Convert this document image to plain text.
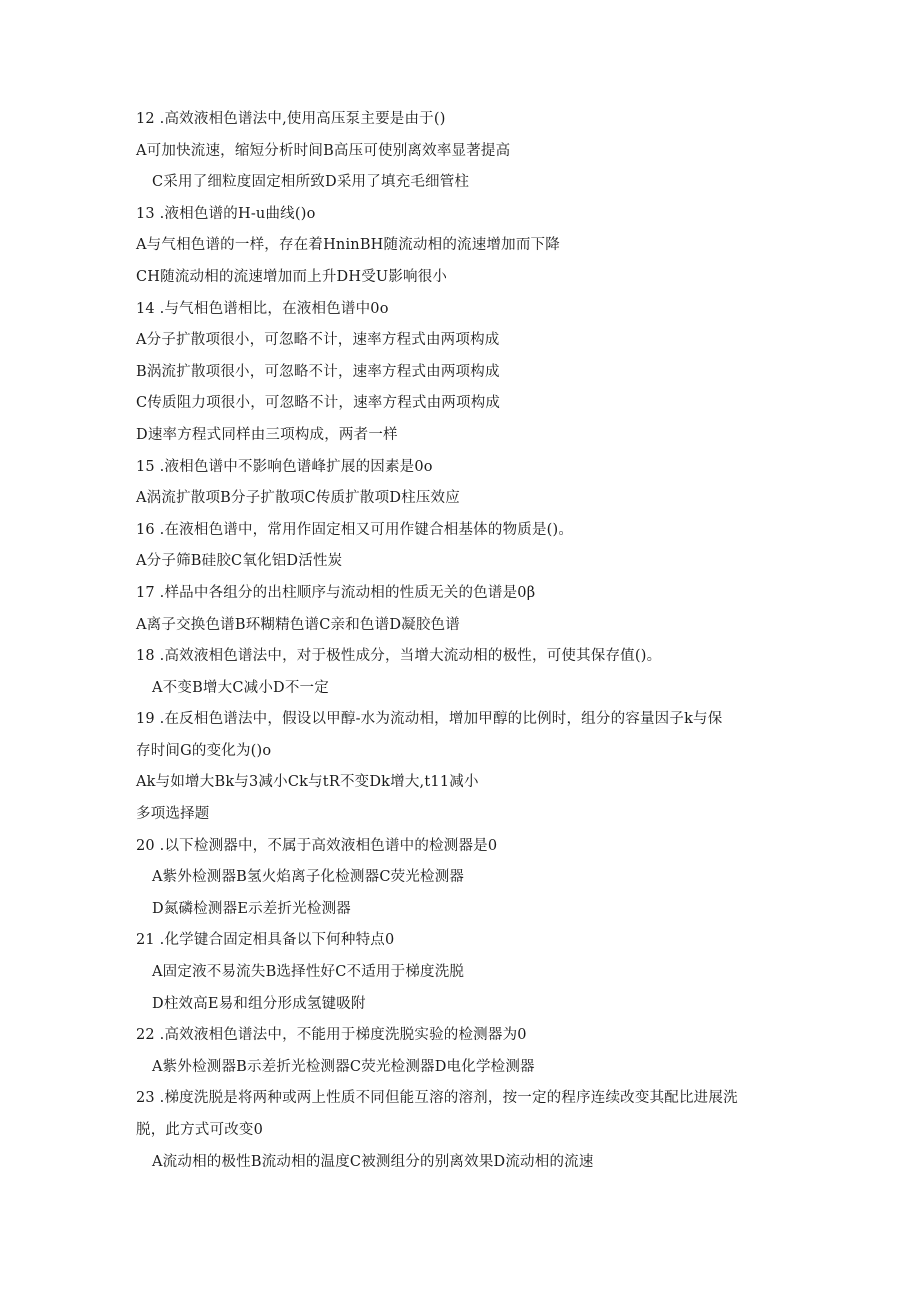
12 .高效液相色谱法中,使用高压泵主要是由于()
A可加快流速，缩短分析时间B高压可使别离效率显著提高
C采用了细粒度固定相所致D采用了填充毛细管柱
13 .液相色谱的H-u曲线()o
A与气相色谱的一样，存在着HninBH随流动相的流速增加而下降
CH随流动相的流速增加而上升DH受U影响很小
14 .与气相色谱相比，在液相色谱中0o
A分子扩散项很小，可忽略不计，速率方程式由两项构成
B涡流扩散项很小，可忽略不计，速率方程式由两项构成
C传质阻力项很小，可忽略不计，速率方程式由两项构成
D速率方程式同样由三项构成，两者一样
15 .液相色谱中不影响色谱峰扩展的因素是0o
A涡流扩散项B分子扩散项C传质扩散项D柱压效应
16 .在液相色谱中，常用作固定相又可用作键合相基体的物质是()。
A分子筛B硅胶C氧化铝D活性炭
17 .样品中各组分的出柱顺序与流动相的性质无关的色谱是0β
A离子交换色谱B环糊精色谱C亲和色谱D凝胶色谱
18 .高效液相色谱法中，对于极性成分，当增大流动相的极性，可使其保存值()。
A不变B增大C减小D不一定
19 .在反相色谱法中，假设以甲醇-水为流动相，增加甲醇的比例时，组分的容量因子k与保
存时间G的变化为()o
Ak与如增大Bk与3减小Ck与tR不变Dk增大,t11减小
多项选择题
20 .以下检测器中，不属于高效液相色谱中的检测器是0
A紫外检测器B氢火焰离子化检测器C荧光检测器
D氮磷检测器E示差折光检测器
21 .化学键合固定相具备以下何种特点0
A固定液不易流失B选择性好C不适用于梯度洗脱
D柱效高E易和组分形成氢键吸附
22 .高效液相色谱法中，不能用于梯度洗脱实验的检测器为0
A紫外检测器B示差折光检测器C荧光检测器D电化学检测器
23 .梯度洗脱是将两种或两上性质不同但能互溶的溶剂，按一定的程序连续改变其配比进展洗
脱，此方式可改变0
A流动相的极性B流动相的温度C被测组分的别离效果D流动相的流速
